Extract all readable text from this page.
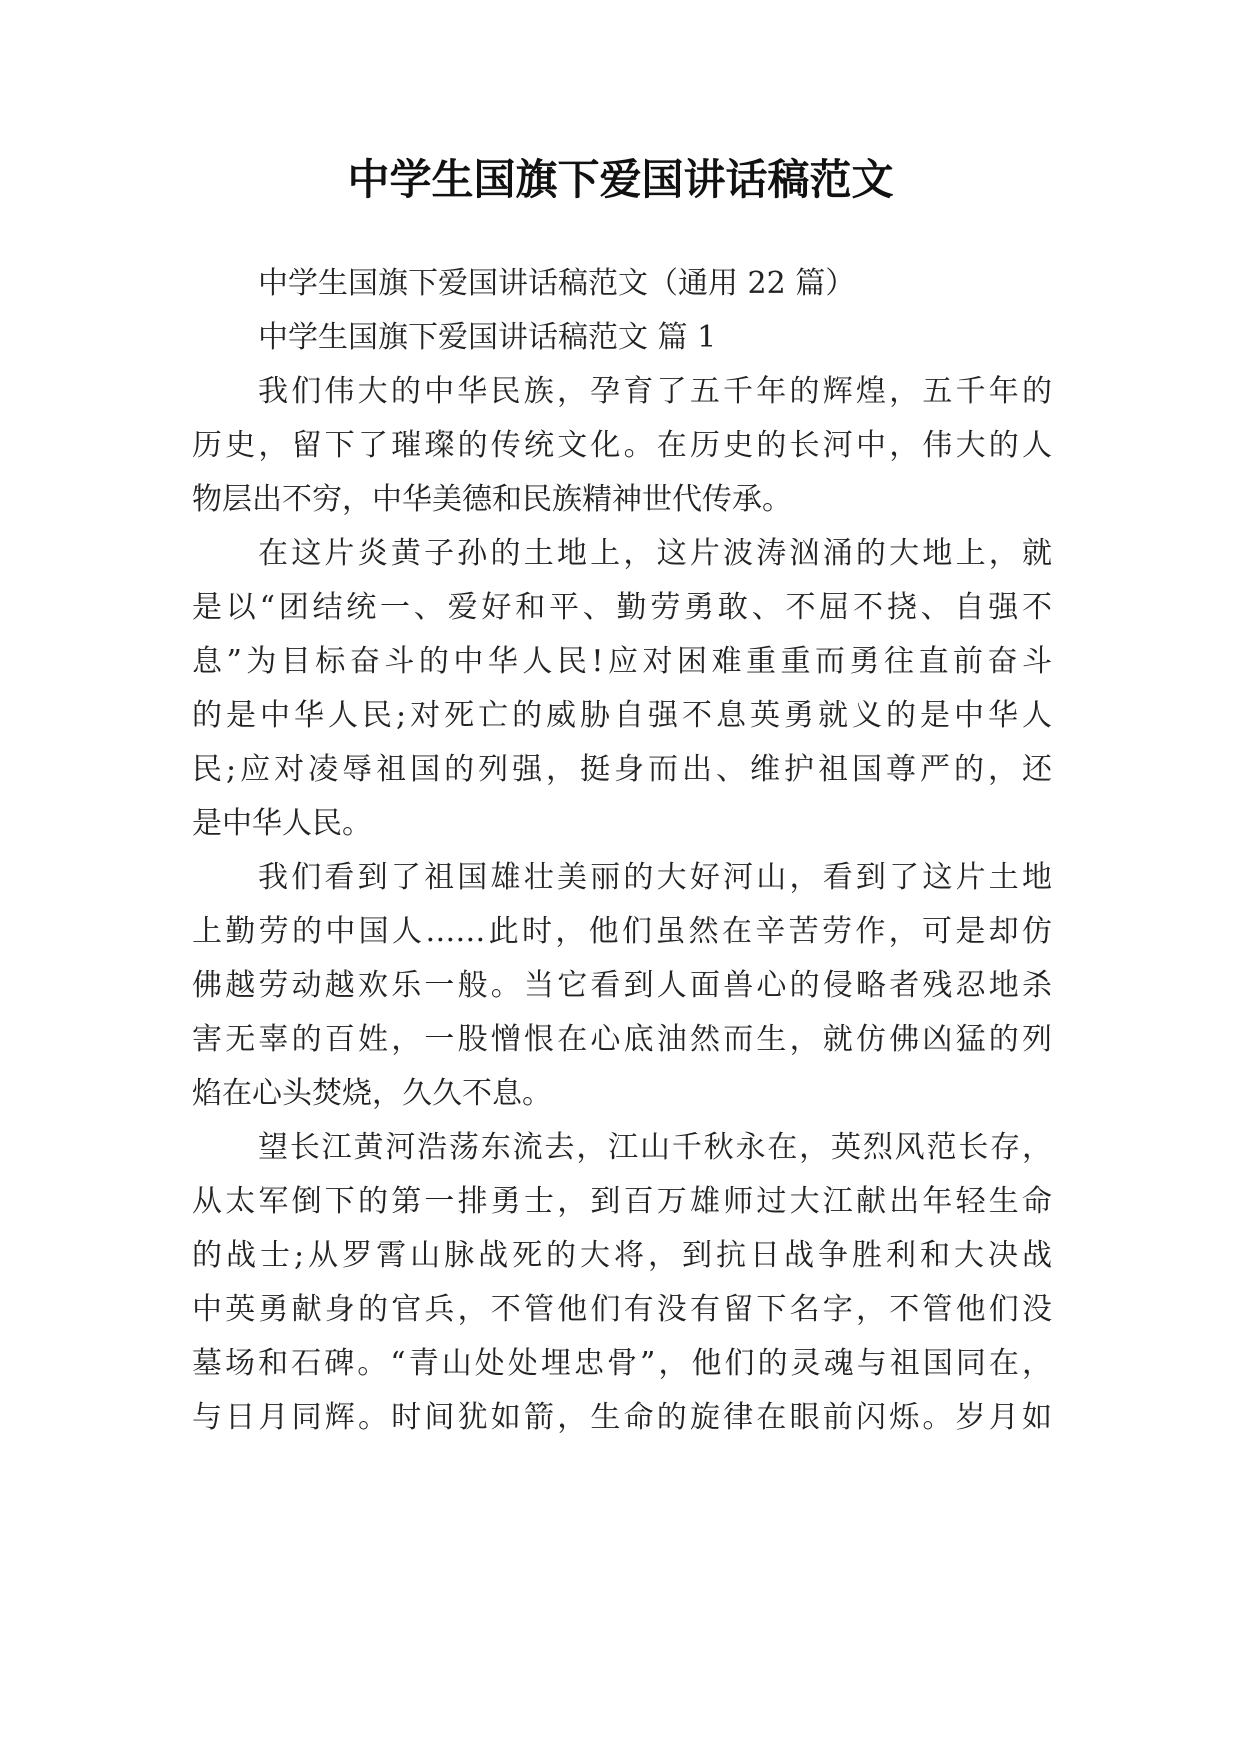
中学生国旗下爱国讲话稿范文
中学生国旗下爱国讲话稿范文（通用 22 篇）
中学生国旗下爱国讲话稿范文 篇 1
我们伟大的中华民族，孕育了五千年的辉煌，五千年的
历史，留下了璀璨的传统文化。在历史的长河中，伟大的人
物层出不穷，中华美德和民族精神世代传承。
在这片炎黄子孙的土地上，这片波涛汹涌的大地上，就
是以“团结统一、爱好和平、勤劳勇敢、不屈不挠、自强不
息”为目标奋斗的中华人民!应对困难重重而勇往直前奋斗
的是中华人民;对死亡的威胁自强不息英勇就义的是中华人
民;应对凌辱祖国的列强，挺身而出、维护祖国尊严的，还
是中华人民。
我们看到了祖国雄壮美丽的大好河山，看到了这片土地
上勤劳的中国人……此时，他们虽然在辛苦劳作，可是却仿
佛越劳动越欢乐一般。当它看到人面兽心的侵略者残忍地杀
害无辜的百姓，一股憎恨在心底油然而生，就仿佛凶猛的列
焰在心头焚烧，久久不息。
望长江黄河浩荡东流去，江山千秋永在，英烈风范长存，
从太军倒下的第一排勇士，到百万雄师过大江献出年轻生命
的战士;从罗霄山脉战死的大将，到抗日战争胜利和大决战
中英勇献身的官兵，不管他们有没有留下名字，不管他们没
墓场和石碑。“青山处处埋忠骨”，他们的灵魂与祖国同在，
与日月同辉。时间犹如箭，生命的旋律在眼前闪烁。岁月如
